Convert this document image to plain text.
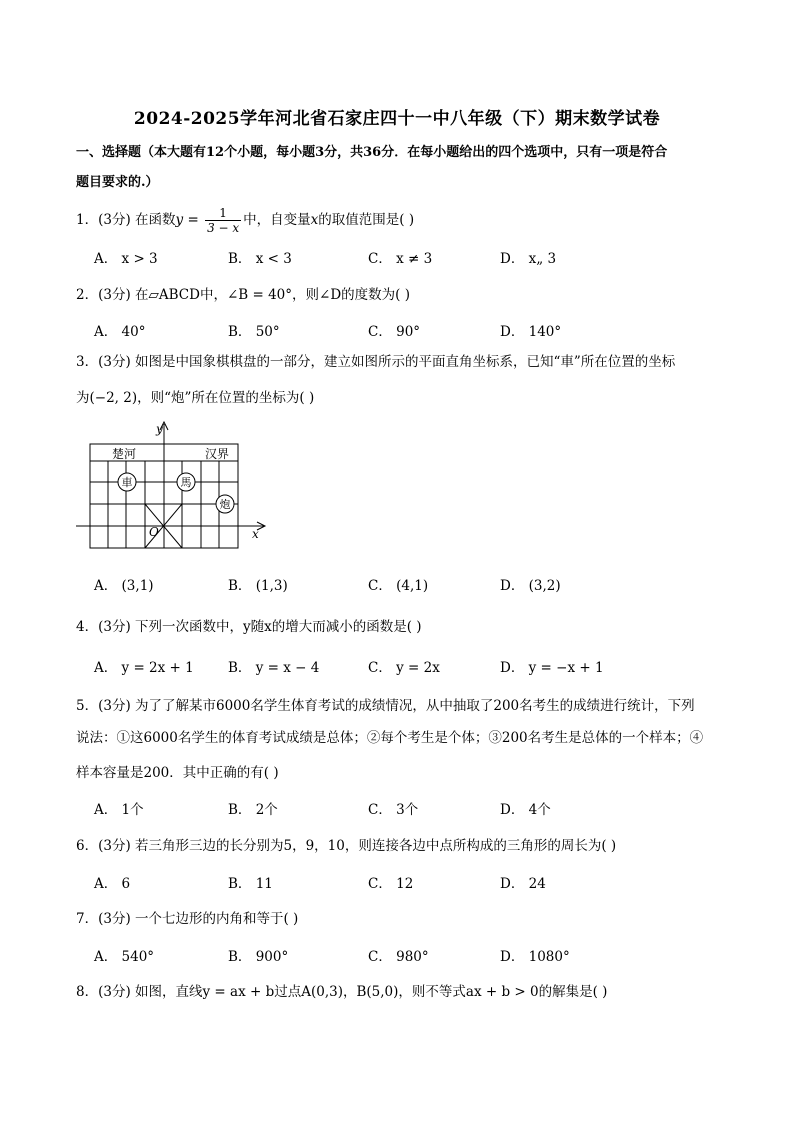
2024-2025学年河北省石家庄四十一中八年级（下）期末数学试卷
一、选择题（本大题有12个小题，每小题3分，共36分．在每小题给出的四个选项中，只有一项是符合
题目要求的.）
1．(3分) 在函数$y = \frac{1}{3 - x}$ 中，自变量x的取值范围是( )
A． x > 3	B． x < 3	C． x ≠ 3	D． x„ 3
2．(3分) 在▱ABCD中，∠B = 40°，则∠D的度数为( )
A． 40°	B． 50°	C． 90°	D． 140°
3．(3分) 如图是中国象棋棋盘的一部分，建立如图所示的平面直角坐标系，已知“車”所在位置的坐标
为(−2, 2)，则“炮”所在位置的坐标为( )
y
x
O
楚河	汉界
車	馬
炮
A． (3,1)	B． (1,3)	C． (4,1)	D． (3,2)
4．(3分) 下列一次函数中，y随x的增大而减小的函数是( )
A． y = 2x + 1	B． y = x − 4	C． y = 2x	D． y = −x + 1
5．(3分) 为了了解某市6000名学生体育考试的成绩情况，从中抽取了200名考生的成绩进行统计，下列
说法：①这6000名学生的体育考试成绩是总体；②每个考生是个体；③200名考生是总体的一个样本；④
样本容量是200．其中正确的有( )
A． 1个	B． 2个	C． 3个	D． 4个
6．(3分) 若三角形三边的长分别为5，9，10，则连接各边中点所构成的三角形的周长为( )
A． 6	B． 11	C． 12	D． 24
7．(3分) 一个七边形的内角和等于( )
A． 540°	B． 900°	C． 980°	D． 1080°
8．(3分) 如图，直线y = ax + b过点A(0,3)，B(5,0)，则不等式ax + b > 0的解集是( )
